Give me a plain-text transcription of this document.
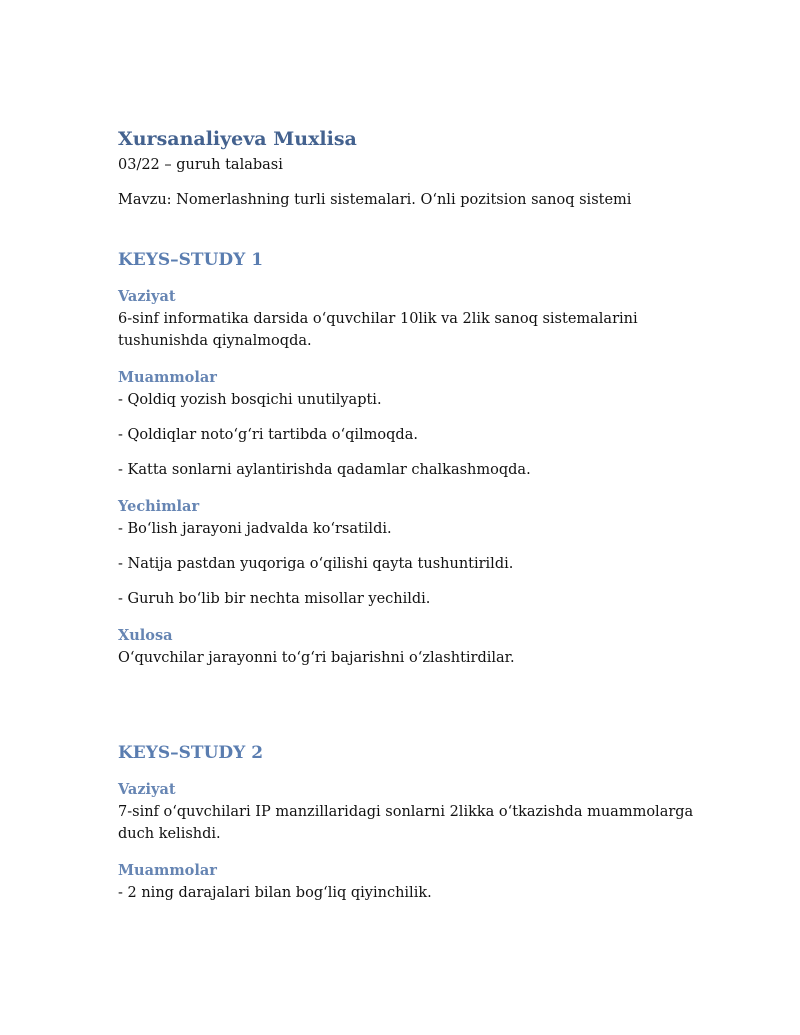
Xursanaliyeva Muxlisa

03/22 – guruh talabasi

Mavzu: Nomerlashning turli sistemalari. O‘nli pozitsion sanoq sistemi

KEYS–STUDY 1
Vaziyat

6-sinf informatika darsida o‘quvchilar 10lik va 2lik sanoq sistemalarini tushunishda qiynalmoqda.

Muammolar

- Qoldiq yozish bosqichi unutilyapti.

- Qoldiqlar noto‘g‘ri tartibda o‘qilmoqda.

- Katta sonlarni aylantirishda qadamlar chalkashmoqda.

Yechimlar

- Bo‘lish jarayoni jadvalda ko‘rsatildi.

- Natija pastdan yuqoriga o‘qilishi qayta tushuntirildi.

- Guruh bo‘lib bir nechta misollar yechildi.

Xulosa

O‘quvchilar jarayonni to‘g‘ri bajarishni o‘zlashtirdilar.

KEYS–STUDY 2
Vaziyat

7-sinf o‘quvchilari IP manzillaridagi sonlarni 2likka o‘tkazishda muammolarga duch kelishdi.

Muammolar

- 2 ning darajalari bilan bog‘liq qiyinchilik.
